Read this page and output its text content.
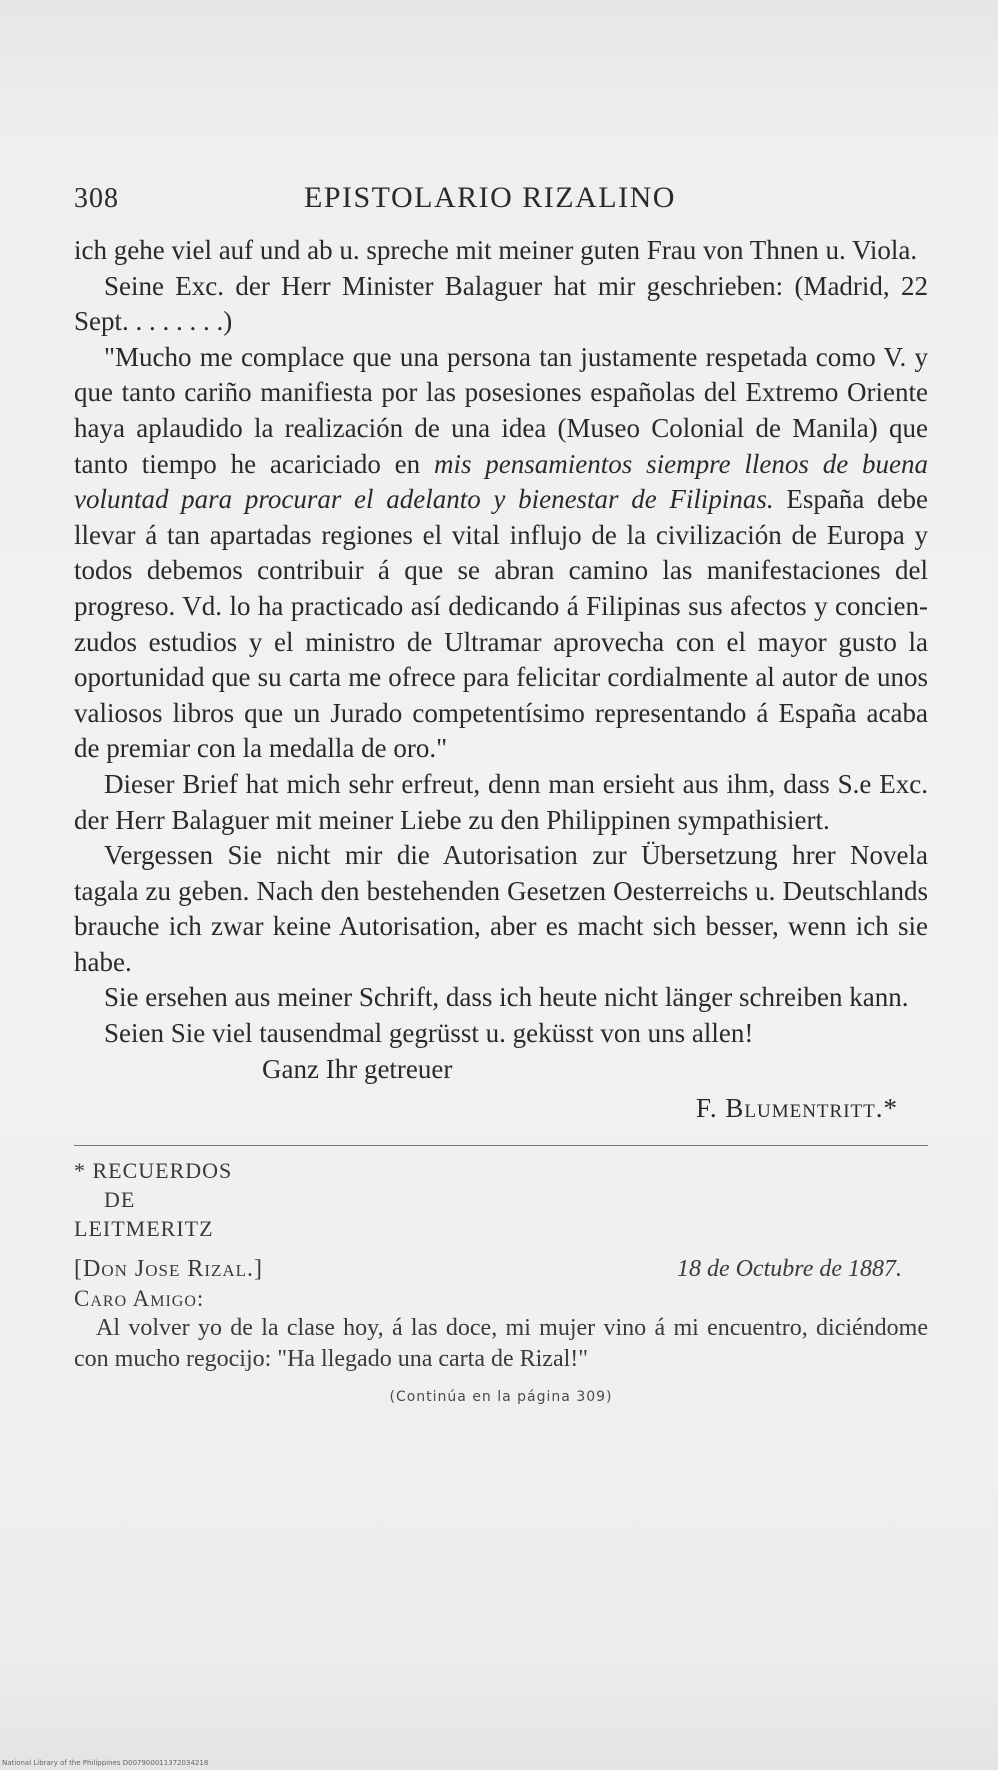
308	EPISTOLARIO RIZALINO

ich gehe viel auf und ab u. spreche mit meiner guten Frau von Thnen u. Viola.

Seine Exc. der Herr Minister Balaguer hat mir geschrieben: (Madrid, 22 Sept. . . . . . . .)

"Mucho me complace que una persona tan justamente respetada como V. y que tanto cariño manifiesta por las posesiones españolas del Extremo Oriente haya aplaudido la realización de una idea (Museo Colonial de Manila) que tanto tiempo he acariciado en mis pensamientos siempre llenos de buena voluntad para procurar el adelanto y bienestar de Filipinas. España debe llevar á tan apartadas regiones el vital influjo de la civilización de Europa y todos debemos contribuir á que se abran camino las manifestaciones del progreso. Vd. lo ha practicado así dedicando á Filipinas sus afectos y concienzudos estudios y el ministro de Ultramar aprovecha con el mayor gusto la oportunidad que su carta me ofrece para felicitar cordialmente al autor de unos valiosos libros que un Jurado competentísimo representando á España acaba de premiar con la medalla de oro."

Dieser Brief hat mich sehr erfreut, denn man ersieht aus ihm, dass S.e Exc. der Herr Balaguer mit meiner Liebe zu den Philippinen sympathisiert.

Vergessen Sie nicht mir die Autorisation zur Übersetzung hrer Novela tagala zu geben. Nach den bestehenden Gesetzen Oesterreichs u. Deutschlands brauche ich zwar keine Autorisation, aber es macht sich besser, wenn ich sie habe.

Sie ersehen aus meiner Schrift, dass ich heute nicht länger schreiben kann.

Seien Sie viel tausendmal gegrüsst u. geküsst von uns allen!

Ganz Ihr getreuer

F. Blumentritt.*
* RECUERDOS
DE
LEITMERITZ
[Don Jose Rizal.]	18 de Octubre de 1887.
Caro Amigo:
Al volver yo de la clase hoy, á las doce, mi mujer vino á mi encuentro, diciéndome con mucho regocijo: "Ha llegado una carta de Rizal!"
(Continúa en la página 309)
National Library of the Philippines D007900011372034218
